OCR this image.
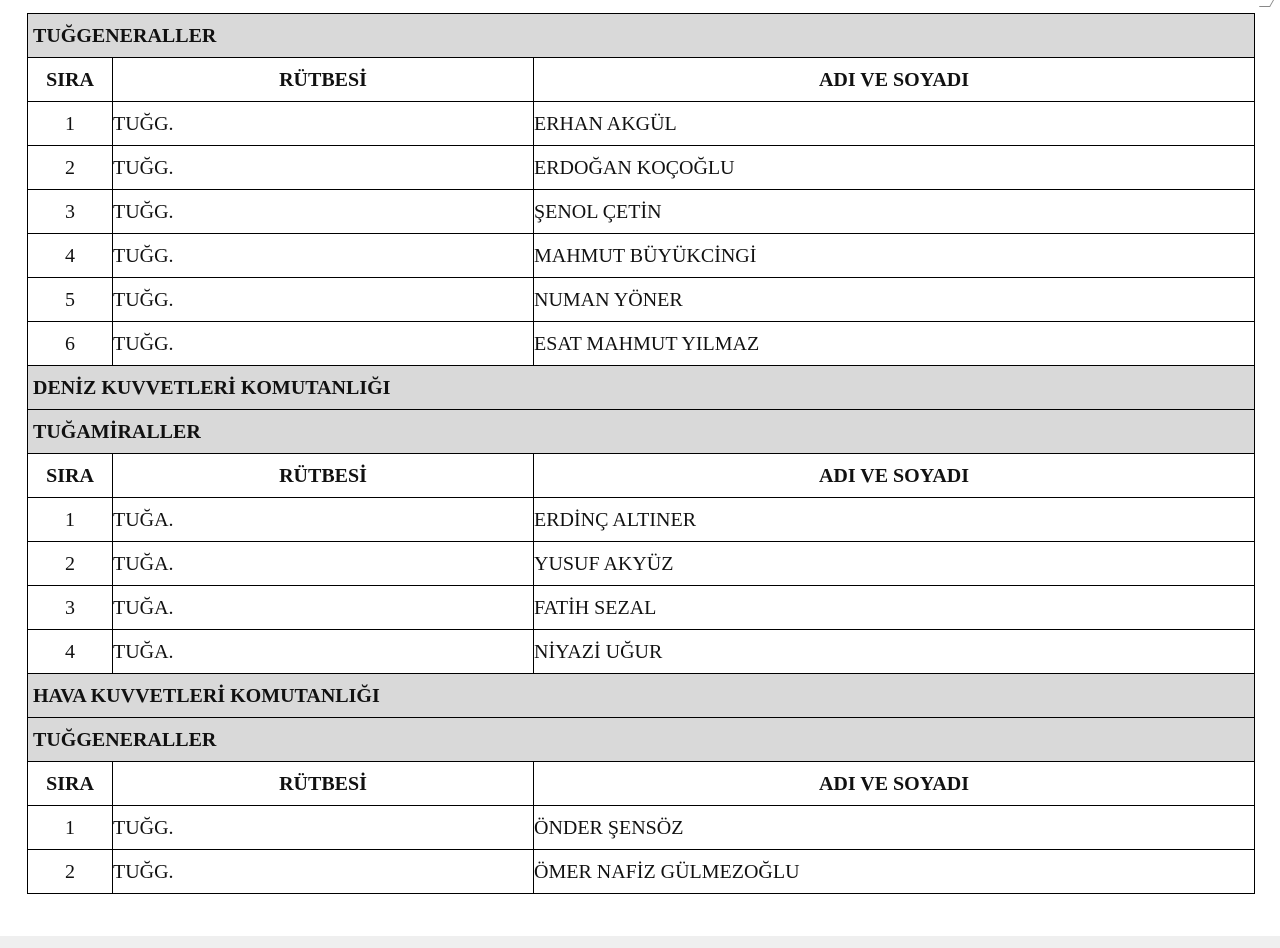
TUĞGENERALLER		
SIRA	RÜTBESİ	ADI VE SOYADI
1	TUĞG.	ERHAN AKGÜL
2	TUĞG.	ERDOĞAN KOÇOĞLU
3	TUĞG.	ŞENOL ÇETİN
4	TUĞG.	MAHMUT BÜYÜKCİNGİ
5	TUĞG.	NUMAN YÖNER
6	TUĞG.	ESAT MAHMUT YILMAZ
DENİZ KUVVETLERİ KOMUTANLIĞI		
TUĞAMİRALLER		
SIRA	RÜTBESİ	ADI VE SOYADI
1	TUĞA.	ERDİNÇ ALTINER
2	TUĞA.	YUSUF AKYÜZ
3	TUĞA.	FATİH SEZAL
4	TUĞA.	NİYAZİ UĞUR
HAVA KUVVETLERİ KOMUTANLIĞI		
TUĞGENERALLER		
SIRA	RÜTBESİ	ADI VE SOYADI
1	TUĞG.	ÖNDER ŞENSÖZ
2	TUĞG.	ÖMER NAFİZ GÜLMEZOĞLU
